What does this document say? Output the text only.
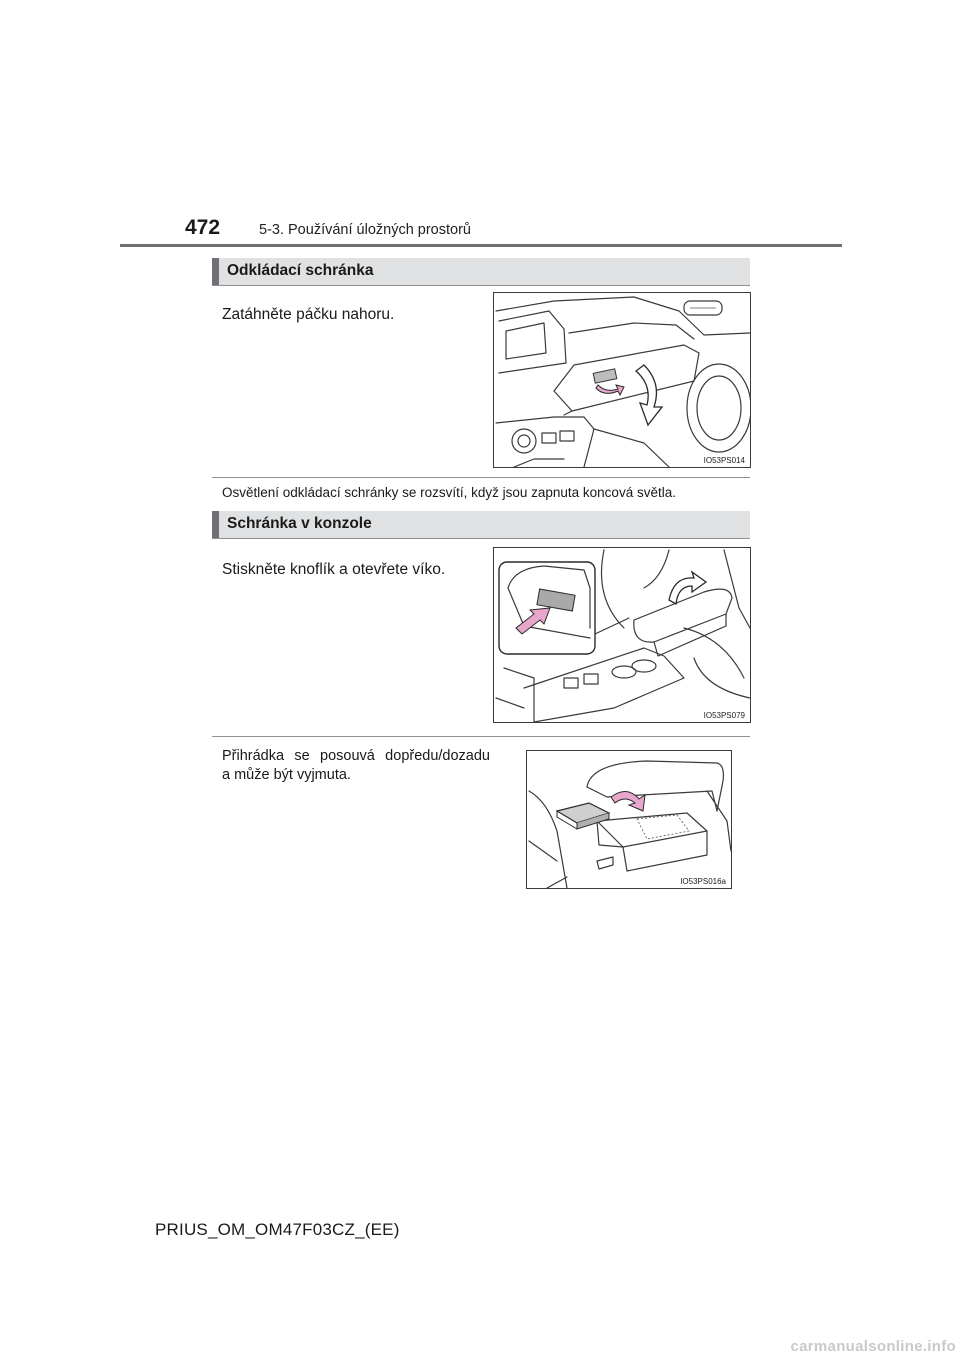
472	5-3. Používání úložných prostorů
Odkládací schránka
Zatáhněte páčku nahoru.
IO53PS014
Osvětlení odkládací schránky se rozsvítí, když jsou zapnuta koncová světla.
Schránka v konzole
Stiskněte knoflík a otevřete víko.
IO53PS079
Přihrádka se posouvá dopředu/dozadu
a může být vyjmuta.
IO53PS016a
PRIUS_OM_OM47F03CZ_(EE)
carmanualsonline.info
